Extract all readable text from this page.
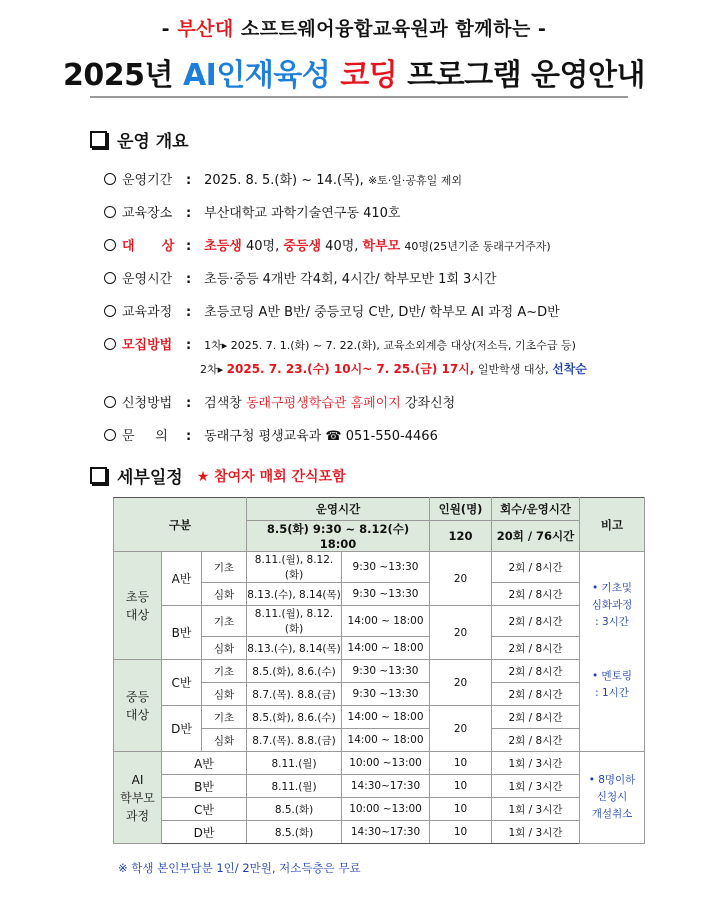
- 부산대 소프트웨어융합교육원과 함께하는 -
2025년 AI인재육성 코딩 프로그램 운영안내
운영 개요
운영기간 : 2025. 8. 5.(화) ~ 14.(목), ※토·일·공휴일 제외
교육장소 : 부산대학교 과학기술연구동 410호
대      상 : 초등생 40명, 중등생 40명, 학부모 40명(25년기준 동래구거주자)
운영시간 : 초등·중등 4개반 각4회, 4시간/ 학부모반 1회 3시간
교육과정 : 초등코딩 A반 B반/ 중등코딩 C반, D반/ 학부모 AI 과정 A~D반
모집방법 : 1차▸ 2025. 7. 1.(화) ~ 7. 22.(화), 교육소외계층 대상(저소득, 기초수급 등)
2차▸ 2025. 7. 23.(수) 10시~ 7. 25.(금) 17시, 일반학생 대상, 선착순
신청방법 : 검색창 동래구평생학습관 홈페이지 강좌신청
문     의 : 동래구청 평생교육과 ☎ 051-550-4466
세부일정 ★ 참여자 매회 간식포함
구분			운영시간		인원(명)	회수/운영시간	비고
			8.5(화) 9:30 ~ 8.12(수) 18:00		120	20회 / 76시간	
초등
대상	A반	기초	8.11.(월), 8.12.(화)	9:30 ~13:30	20	2회 / 8시간	• 기초및
심화과정
: 3시간
		심화	8.13.(수), 8.14(목)	9:30 ~13:30		2회 / 8시간	
	B반	기초	8.11.(월), 8.12.(화)	14:00 ~ 18:00	20	2회 / 8시간	
		심화	8.13.(수), 8.14(목)	14:00 ~ 18:00		2회 / 8시간	
중등
대상	C반	기초	8.5.(화), 8.6.(수)	9:30 ~13:30	20	2회 / 8시간	• 멘토링
: 1시간
		심화	8.7.(목). 8.8.(금)	9:30 ~13:30		2회 / 8시간	
	D반	기초	8.5.(화), 8.6.(수)	14:00 ~ 18:00	20	2회 / 8시간	
		심화	8.7.(목). 8.8.(금)	14:00 ~ 18:00		2회 / 8시간	
AI
학부모
과정	A반		8.11.(월)	10:00 ~13:00	10	1회 / 3시간	• 8명이하
신청시
개설취소
	B반		8.11.(월)	14:30~17:30	10	1회 / 3시간	
	C반		8.5.(화)	10:00 ~13:00	10	1회 / 3시간	
	D반		8.5.(화)	14:30~17:30	10	1회 / 3시간	
※ 학생 본인부담분 1인/ 2만원, 저소득층은 무료
